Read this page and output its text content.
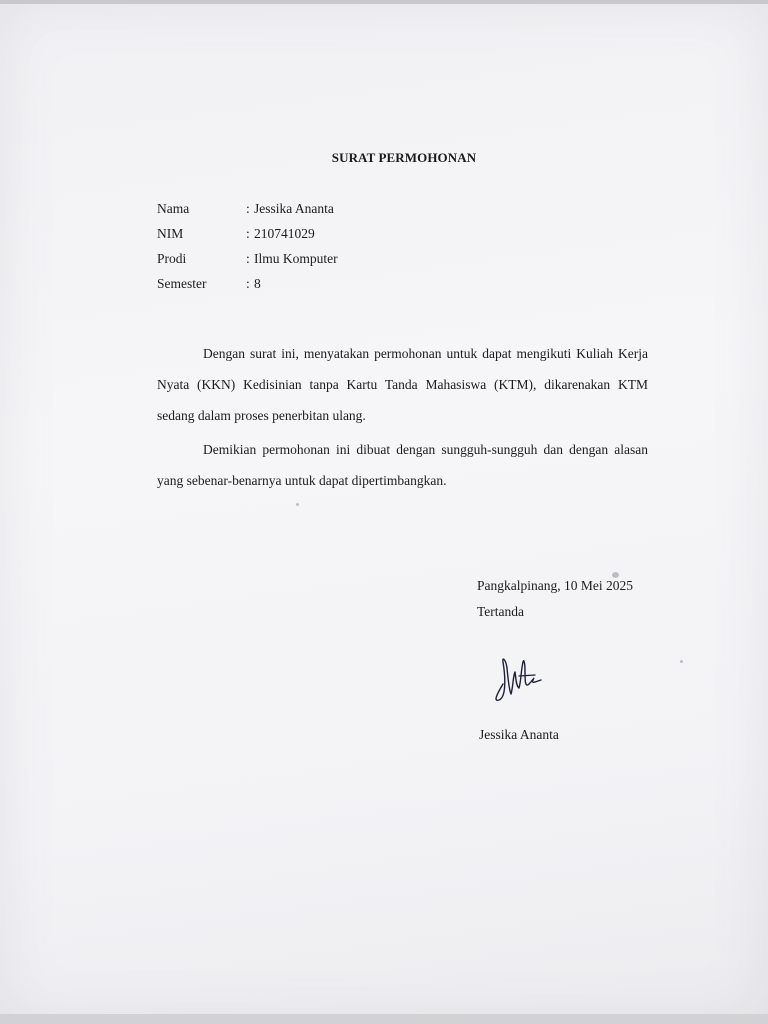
SURAT PERMOHONAN
Nama	: Jessika Ananta
NIM	: 210741029
Prodi	: Ilmu Komputer
Semester	: 8
Dengan surat ini, menyatakan permohonan untuk dapat mengikuti Kuliah Kerja Nyata (KKN) Kedisinian tanpa Kartu Tanda Mahasiswa (KTM), dikarenakan KTM sedang dalam proses penerbitan ulang.
Demikian permohonan ini dibuat dengan sungguh-sungguh dan dengan alasan yang sebenar-benarnya untuk dapat dipertimbangkan.
Pangkalpinang, 10 Mei 2025
Tertanda
Jessika Ananta
